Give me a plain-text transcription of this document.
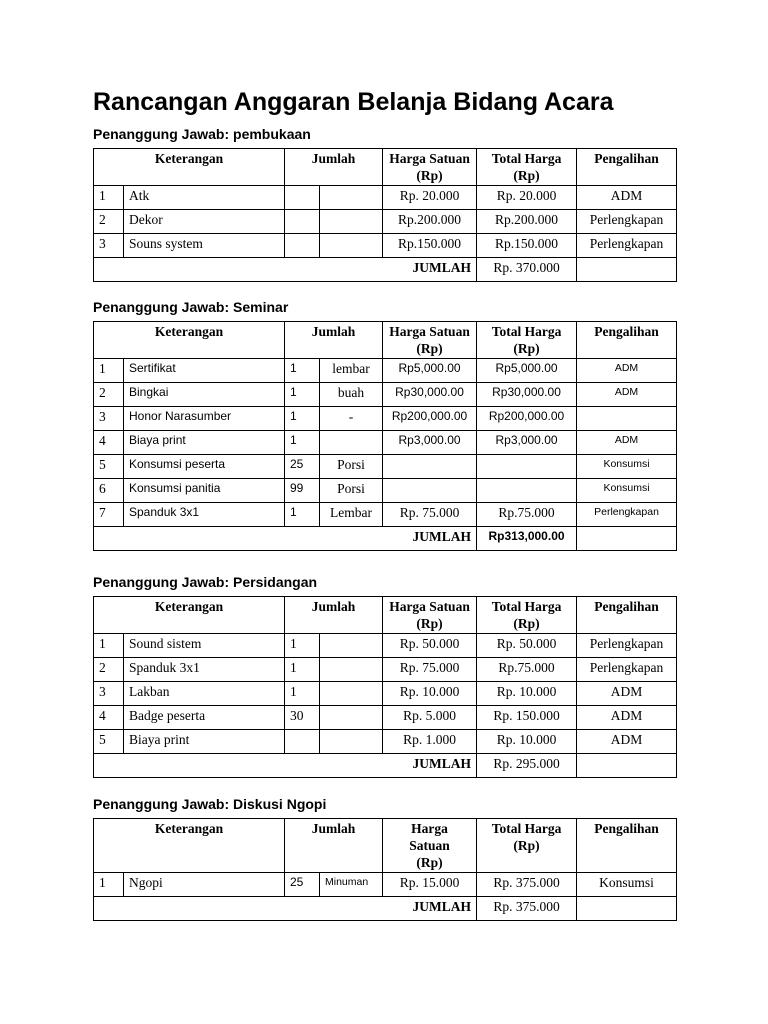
Rancangan Anggaran Belanja Bidang Acara
Penanggung Jawab: pembukaan
Keterangan		Jumlah		Harga Satuan (Rp)	Total Harga (Rp)	Pengalihan
1	Atk			Rp. 20.000	Rp. 20.000	ADM
2	Dekor			Rp.200.000	Rp.200.000	Perlengkapan
3	Souns system			Rp.150.000	Rp.150.000	Perlengkapan
JUMLAH					Rp. 370.000	
Penanggung Jawab: Seminar
Keterangan		Jumlah		Harga Satuan (Rp)	Total Harga (Rp)	Pengalihan
1	Sertifikat	1	lembar	Rp5,000.00	Rp5,000.00	ADM
2	Bingkai	1	buah	Rp30,000.00	Rp30,000.00	ADM
3	Honor Narasumber	1	-	Rp200,000.00	Rp200,000.00	
4	Biaya print	1		Rp3,000.00	Rp3,000.00	ADM
5	Konsumsi peserta	25	Porsi			Konsumsi
6	Konsumsi panitia	99	Porsi			Konsumsi
7	Spanduk 3x1	1	Lembar	Rp. 75.000	Rp.75.000	Perlengkapan
JUMLAH					Rp313,000.00	
Penanggung Jawab: Persidangan
Keterangan		Jumlah		Harga Satuan (Rp)	Total Harga (Rp)	Pengalihan
1	Sound sistem	1		Rp. 50.000	Rp. 50.000	Perlengkapan
2	Spanduk 3x1	1		Rp. 75.000	Rp.75.000	Perlengkapan
3	Lakban	1		Rp. 10.000	Rp. 10.000	ADM
4	Badge peserta	30		Rp. 5.000	Rp. 150.000	ADM
5	Biaya print			Rp. 1.000	Rp. 10.000	ADM
JUMLAH					Rp. 295.000	
Penanggung Jawab: Diskusi Ngopi
Keterangan		Jumlah		Harga Satuan (Rp)	Total Harga (Rp)	Pengalihan
1	Ngopi	25	Minuman	Rp. 15.000	Rp. 375.000	Konsumsi
JUMLAH					Rp. 375.000	
